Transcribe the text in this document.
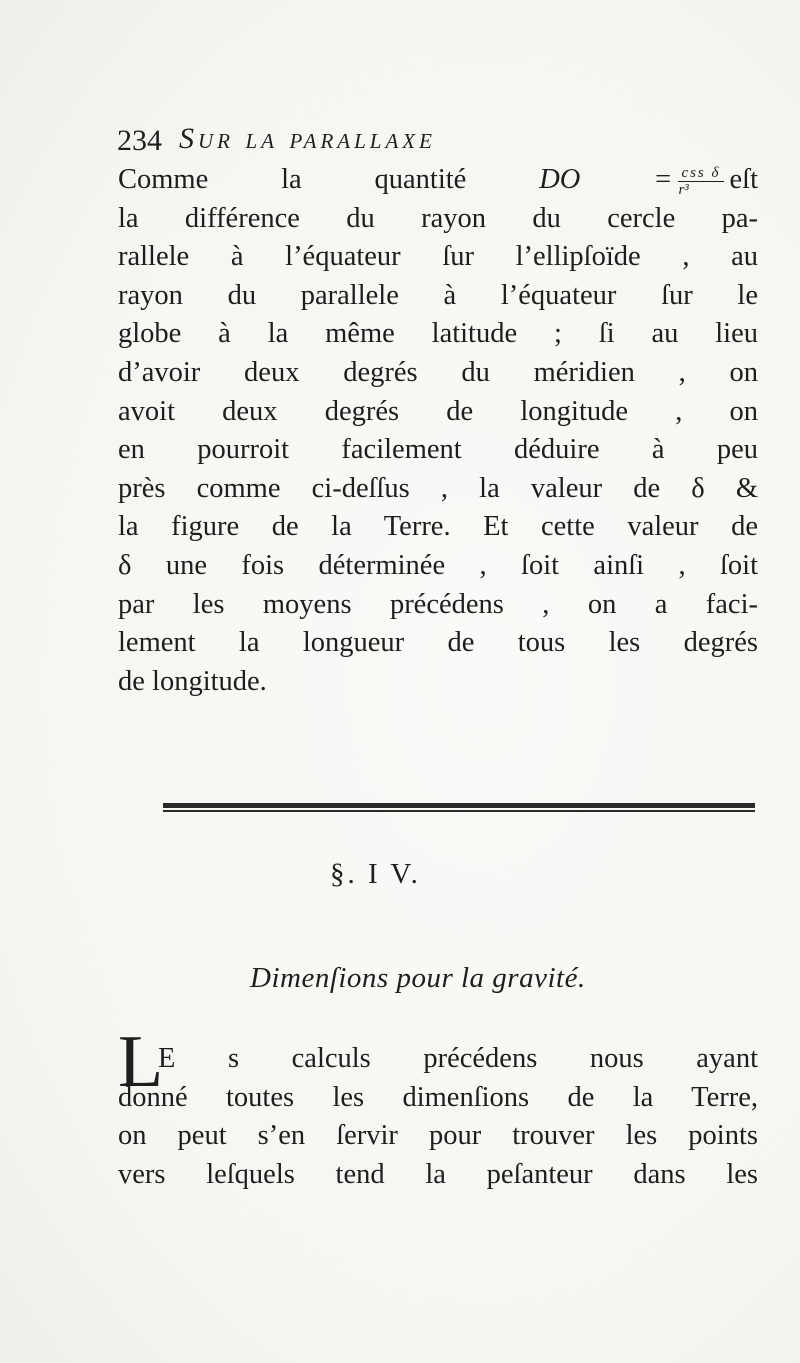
234 Sur la parallaxe
Comme la quantité	DO = $\frac{\text{css δ}}{\text{r³}}$ eſt
la différence du rayon du cercle pa-
rallele à l’équateur ſur l’ellipſoïde , au
rayon du parallele à l’équateur ſur le
globe à la même latitude ; ſi au lieu
d’avoir deux degrés du méridien , on
avoit deux degrés de longitude , on
en pourroit facilement déduire à peu
près comme ci-deſſus , la valeur de δ &
la figure de la Terre. Et cette valeur de
δ une fois déterminée , ſoit ainſi , ſoit
par les moyens précédens , on a faci-
lement la longueur de tous les degrés
de longitude.
§. I V.
Dimenſions pour la gravité.
L
E s calculs précédens nous ayant
donné toutes les dimenſions de la Terre,
on peut s’en ſervir pour trouver les points
vers leſquels tend la peſanteur dans les
